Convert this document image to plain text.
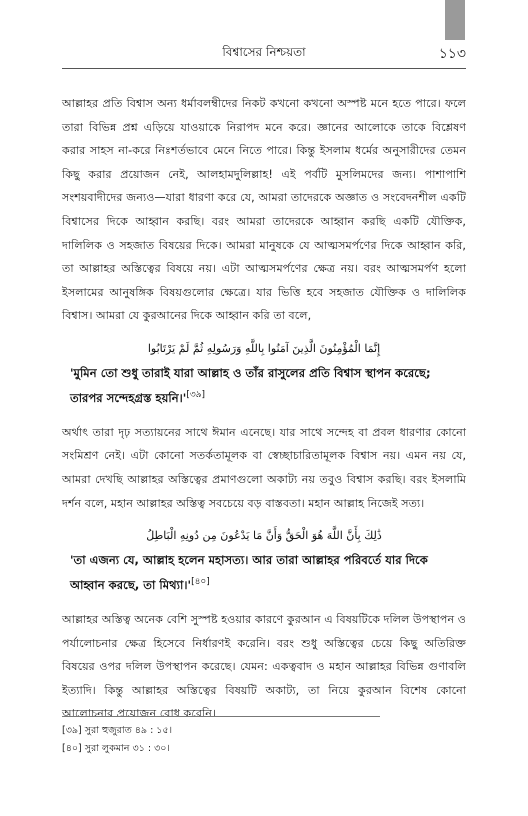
বিশ্বাসের নিশ্চয়তা	১১৩

আল্লাহর প্রতি বিশ্বাস অন্য ধর্মাবলম্বীদের নিকট কখনো কখনো অস্পষ্ট মনে হতে পারে। ফলে তারা বিভিন্ন প্রশ্ন এড়িয়ে যাওয়াকে নিরাপদ মনে করে। জ্ঞানের আলোকে তাকে বিশ্লেষণ করার সাহস না-করে নিঃশর্তভাবে মেনে নিতে পারে। কিন্তু ইসলাম ধর্মের অনুসারীদের তেমন কিছু করার প্রয়োজন নেই, আলহামদুলিল্লাহ! এই পর্বটি মুসলিমদের জন্য। পাশাপাশি সংশয়বাদীদের জন্যও—যারা ধারণা করে যে, আমরা তাদেরকে অজ্ঞাত ও সংবেদনশীল একটি বিশ্বাসের দিকে আহ্বান করছি। বরং আমরা তাদেরকে আহ্বান করছি একটি যৌক্তিক, দালিলিক ও সহজাত বিষয়ের দিকে। আমরা মানুষকে যে আত্মসমর্পণের দিকে আহ্বান করি, তা আল্লাহর অস্তিত্বের বিষয়ে নয়। এটা আত্মসমর্পণের ক্ষেত্র নয়। বরং আত্মসমর্পণ হলো ইসলামের আনুষঙ্গিক বিষয়গুলোর ক্ষেত্রে। যার ভিত্তি হবে সহজাত যৌক্তিক ও দালিলিক বিশ্বাস। আমরা যে কুরআনের দিকে আহ্বান করি তা বলে,

إِنَّمَا الْمُؤْمِنُونَ الَّذِينَ آمَنُوا بِاللَّهِ وَرَسُولِهِ ثُمَّ لَمْ يَرْتَابُوا
'মুমিন তো শুধু তারাই যারা আল্লাহ ও তাঁর রাসুলের প্রতি বিশ্বাস স্থাপন করেছে; তারপর সন্দেহগ্রস্ত হয়নি।'[৩৯]

অর্থাৎ তারা দৃঢ় সত্যায়নের সাথে ঈমান এনেছে। যার সাথে সন্দেহ বা প্রবল ধারণার কোনো সংমিশ্রণ নেই। এটা কোনো সতর্কতামূলক বা স্বেচ্ছাচারিতামূলক বিশ্বাস নয়। এমন নয় যে, আমরা দেখছি আল্লাহর অস্তিত্বের প্রমাণগুলো অকাট্য নয় তবুও বিশ্বাস করছি। বরং ইসলামি দর্শন বলে, মহান আল্লাহর অস্তিত্ব সবচেয়ে বড় বাস্তবতা। মহান আল্লাহ নিজেই সত্য।

ذَٰلِكَ بِأَنَّ اللَّهَ هُوَ الْحَقُّ وَأَنَّ مَا يَدْعُونَ مِن دُونِهِ الْبَاطِلُ
'তা এজন্য যে, আল্লাহ হলেন মহাসত্য। আর তারা আল্লাহর পরিবর্তে যার দিকে আহ্বান করছে, তা মিথ্যা।'[৪০]

আল্লাহর অস্তিত্ব অনেক বেশি সুস্পষ্ট হওয়ার কারণে কুরআন এ বিষয়টিকে দলিল উপস্থাপন ও পর্যালোচনার ক্ষেত্র হিসেবে নির্ধারণই করেনি। বরং শুধু অস্তিত্বের চেয়ে কিছু অতিরিক্ত বিষয়ের ওপর দলিল উপস্থাপন করেছে। যেমন: একত্ববাদ ও মহান আল্লাহর বিভিন্ন গুণাবলি ইত্যাদি। কিন্তু আল্লাহর অস্তিত্বের বিষয়টি অকাট্য, তা নিয়ে কুরআন বিশেষ কোনো আলোচনার প্রয়োজন বোধ করেনি।

[৩৯] সুরা হুজুরাত ৪৯ : ১৫।
[৪০] সুরা লুকমান ৩১ : ৩০।
